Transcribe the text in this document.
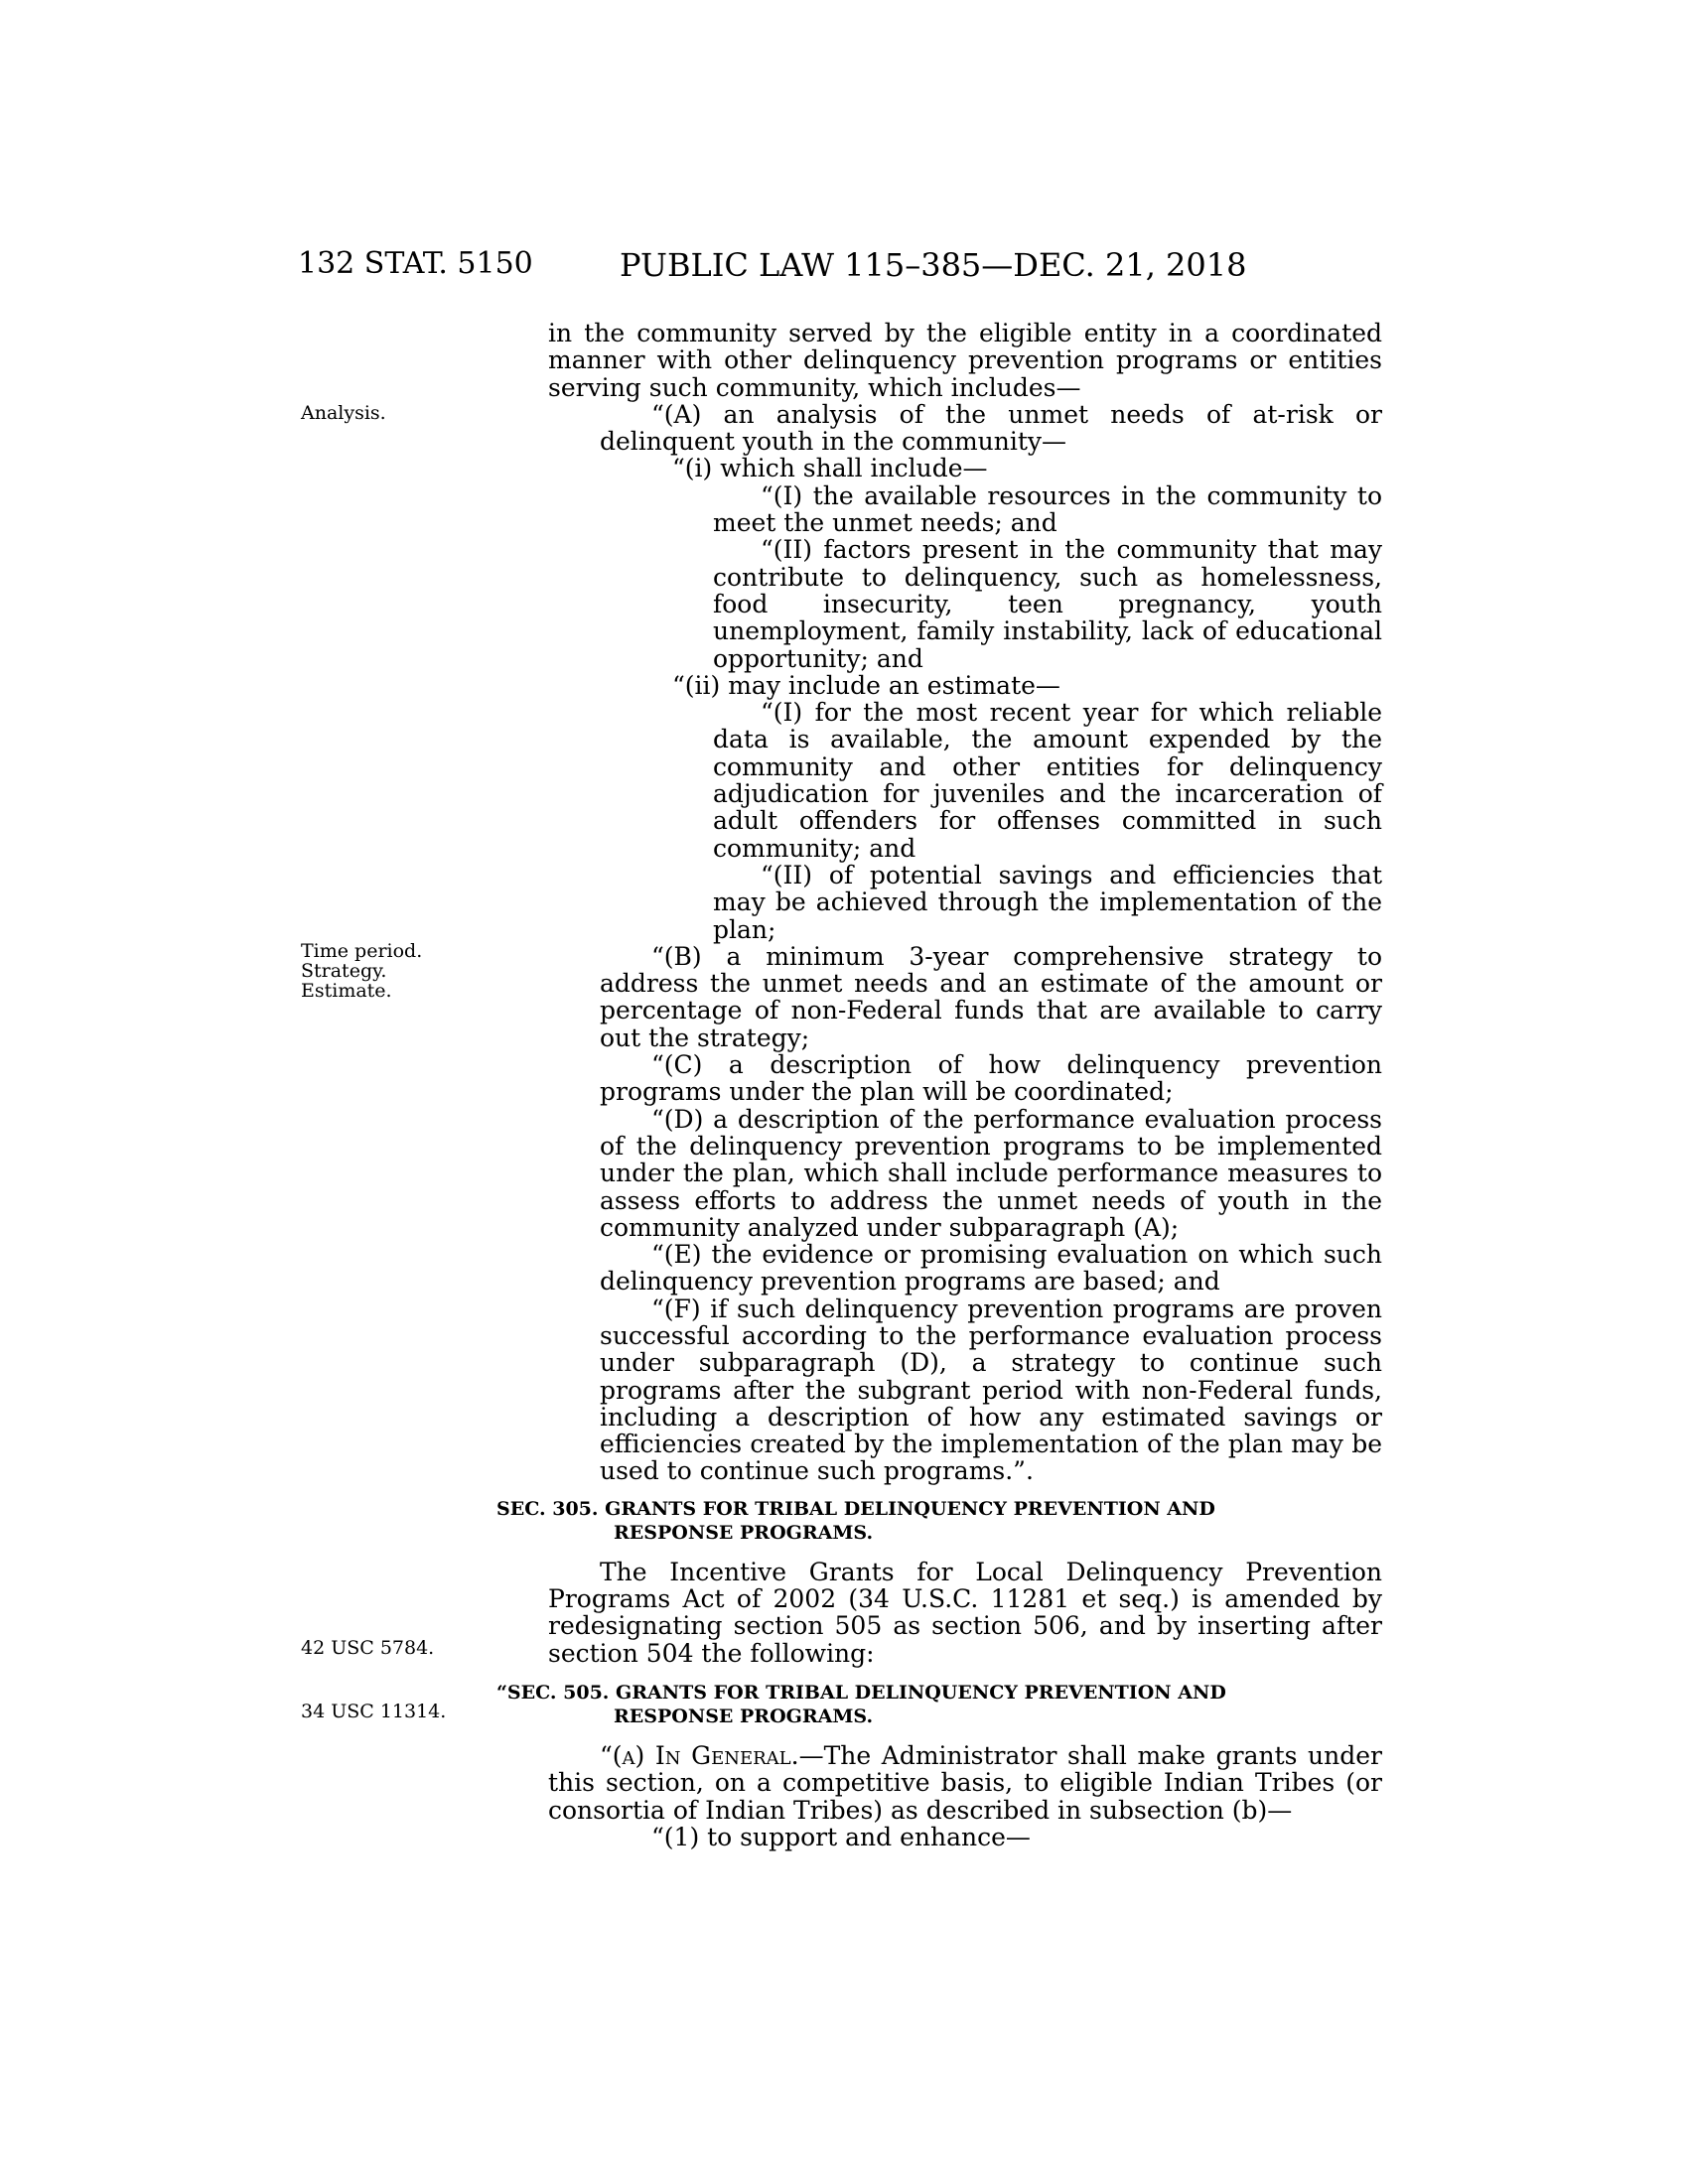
132 STAT. 5150	PUBLIC LAW 115–385—DEC. 21, 2018
Analysis.
Time period.
Strategy.
Estimate.
42 USC 5784.
34 USC 11314.

in the community served by the eligible entity in a coordinated manner with other delinquency prevention programs or entities serving such community, which includes—

“(A) an analysis of the unmet needs of at-risk or delinquent youth in the community—

“(i) which shall include—

“(I) the available resources in the community to meet the unmet needs; and

“(II) factors present in the community that may contribute to delinquency, such as homelessness, food insecurity, teen pregnancy, youth unemployment, family instability, lack of educational opportunity; and

“(ii) may include an estimate—

“(I) for the most recent year for which reliable data is available, the amount expended by the community and other entities for delinquency adjudication for juveniles and the incarceration of adult offenders for offenses committed in such community; and

“(II) of potential savings and efficiencies that may be achieved through the implementation of the plan;

“(B) a minimum 3-year comprehensive strategy to address the unmet needs and an estimate of the amount or percentage of non-Federal funds that are available to carry out the strategy;

“(C) a description of how delinquency prevention programs under the plan will be coordinated;

“(D) a description of the performance evaluation process of the delinquency prevention programs to be implemented under the plan, which shall include performance measures to assess efforts to address the unmet needs of youth in the community analyzed under subparagraph (A);

“(E) the evidence or promising evaluation on which such delinquency prevention programs are based; and

“(F) if such delinquency prevention programs are proven successful according to the performance evaluation process under subparagraph (D), a strategy to continue such programs after the subgrant period with non-Federal funds, including a description of how any estimated savings or efficiencies created by the implementation of the plan may be used to continue such programs.”.

SEC. 305. GRANTS FOR TRIBAL DELINQUENCY PREVENTION AND

RESPONSE PROGRAMS.

The Incentive Grants for Local Delinquency Prevention Programs Act of 2002 (34 U.S.C. 11281 et seq.) is amended by redesignating section 505 as section 506, and by inserting after section 504 the following:

“SEC. 505. GRANTS FOR TRIBAL DELINQUENCY PREVENTION AND

RESPONSE PROGRAMS.

“(a) In General.—The Administrator shall make grants under this section, on a competitive basis, to eligible Indian Tribes (or consortia of Indian Tribes) as described in subsection (b)—

“(1) to support and enhance—
